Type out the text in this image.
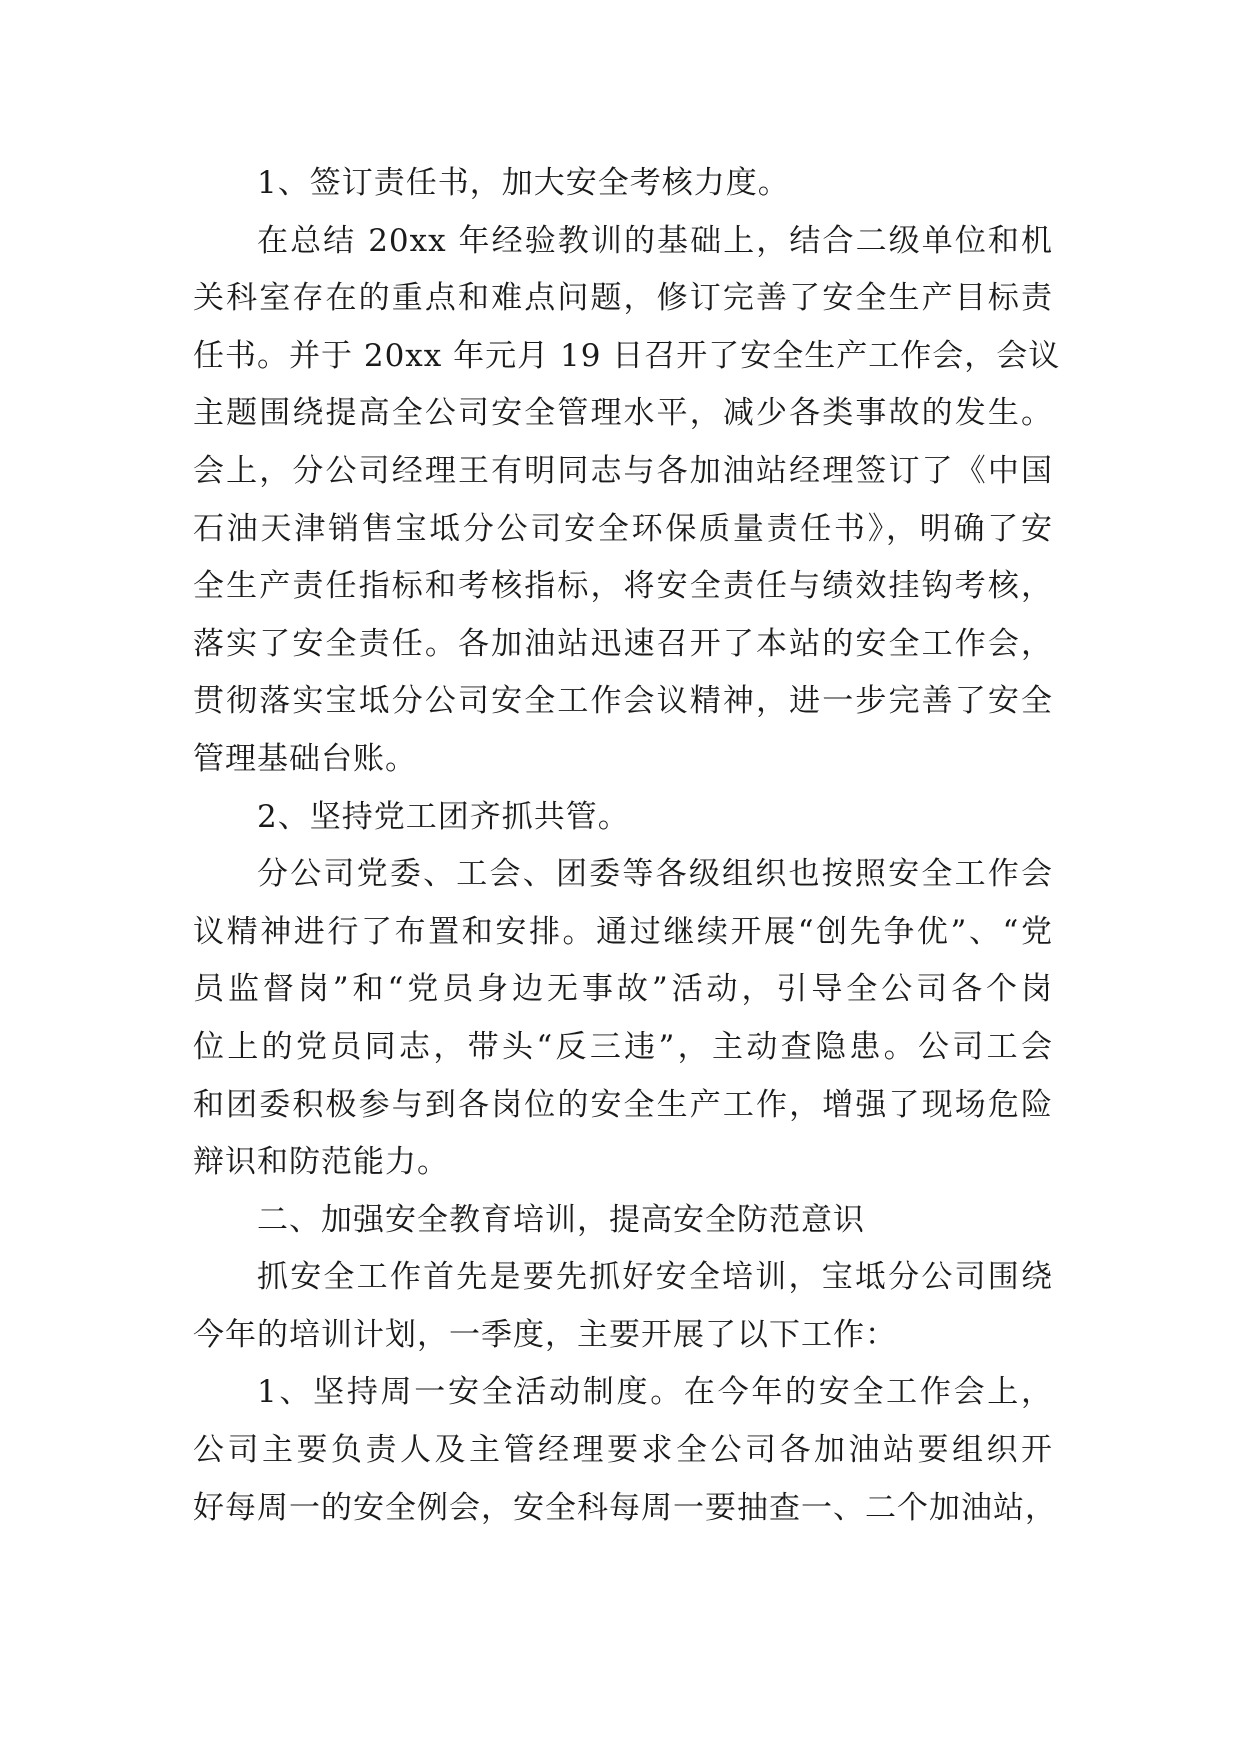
1、签订责任书，加大安全考核力度。
在总结 20xx 年经验教训的基础上，结合二级单位和机
关科室存在的重点和难点问题，修订完善了安全生产目标责
任书。并于 20xx 年元月 19 日召开了安全生产工作会，会议
主题围绕提高全公司安全管理水平，减少各类事故的发生。
会上，分公司经理王有明同志与各加油站经理签订了《中国
石油天津销售宝坻分公司安全环保质量责任书》，明确了安
全生产责任指标和考核指标，将安全责任与绩效挂钩考核，
落实了安全责任。各加油站迅速召开了本站的安全工作会，
贯彻落实宝坻分公司安全工作会议精神，进一步完善了安全
管理基础台账。
2、坚持党工团齐抓共管。
分公司党委、工会、团委等各级组织也按照安全工作会
议精神进行了布置和安排。通过继续开展“创先争优”、“党
员监督岗”和“党员身边无事故”活动，引导全公司各个岗
位上的党员同志，带头“反三违”，主动查隐患。公司工会
和团委积极参与到各岗位的安全生产工作，增强了现场危险
辩识和防范能力。
二、加强安全教育培训，提高安全防范意识
抓安全工作首先是要先抓好安全培训，宝坻分公司围绕
今年的培训计划，一季度，主要开展了以下工作：
1、坚持周一安全活动制度。在今年的安全工作会上，
公司主要负责人及主管经理要求全公司各加油站要组织开
好每周一的安全例会，安全科每周一要抽查一、二个加油站，
